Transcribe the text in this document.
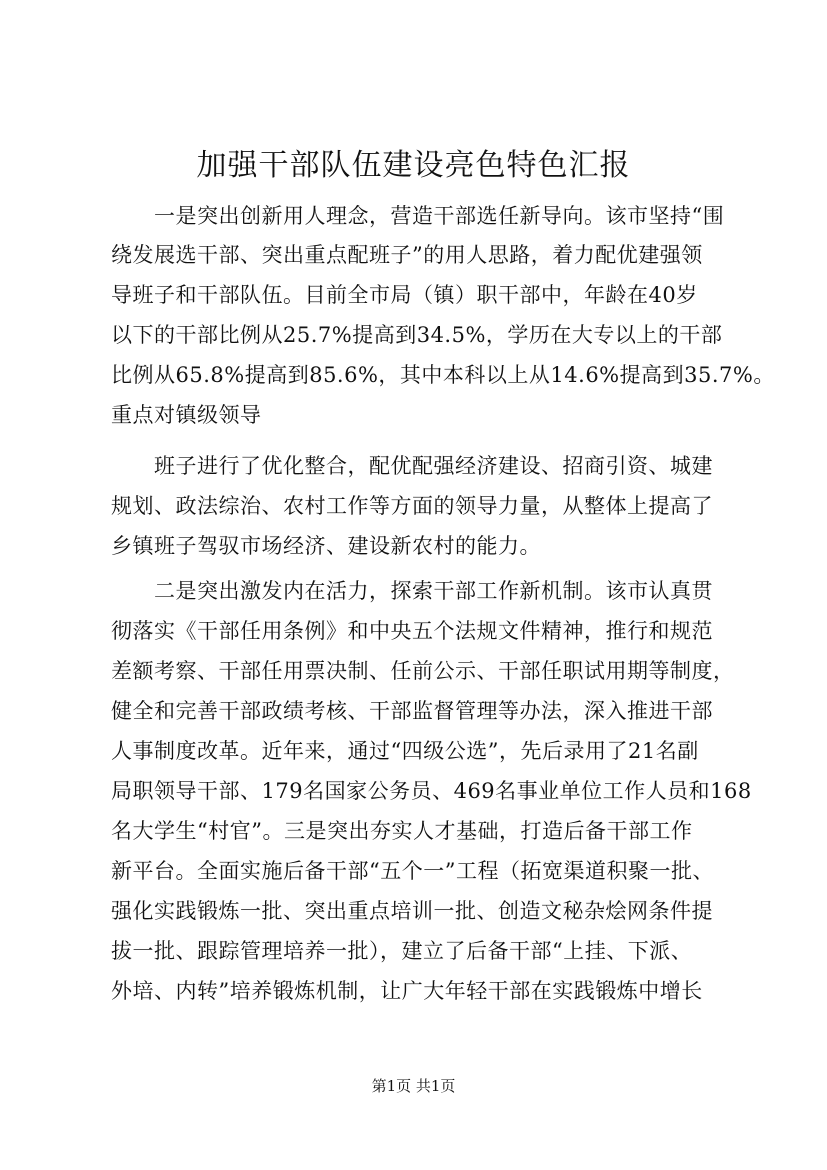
加强干部队伍建设亮色特色汇报
　　一是突出创新用人理念，营造干部选任新导向。该市坚持“围
绕发展选干部、突出重点配班子”的用人思路，着力配优建强领
导班子和干部队伍。目前全市局（镇）职干部中，年龄在40岁
以下的干部比例从25.7%提高到34.5%，学历在大专以上的干部
比例从65.8%提高到85.6%，其中本科以上从14.6%提高到35.7%。
重点对镇级领导
　　班子进行了优化整合，配优配强经济建设、招商引资、城建
规划、政法综治、农村工作等方面的领导力量，从整体上提高了
乡镇班子驾驭市场经济、建设新农村的能力。
　　二是突出激发内在活力，探索干部工作新机制。该市认真贯
彻落实《干部任用条例》和中央五个法规文件精神，推行和规范
差额考察、干部任用票决制、任前公示、干部任职试用期等制度，
健全和完善干部政绩考核、干部监督管理等办法，深入推进干部
人事制度改革。近年来，通过“四级公选”，先后录用了21名副
局职领导干部、179名国家公务员、469名事业单位工作人员和168
名大学生“村官”。三是突出夯实人才基础，打造后备干部工作
新平台。全面实施后备干部“五个一”工程（拓宽渠道积聚一批、
强化实践锻炼一批、突出重点培训一批、创造文秘杂烩网条件提
拔一批、跟踪管理培养一批），建立了后备干部“上挂、下派、
外培、内转”培养锻炼机制，让广大年轻干部在实践锻炼中增长
第1页 共1页
